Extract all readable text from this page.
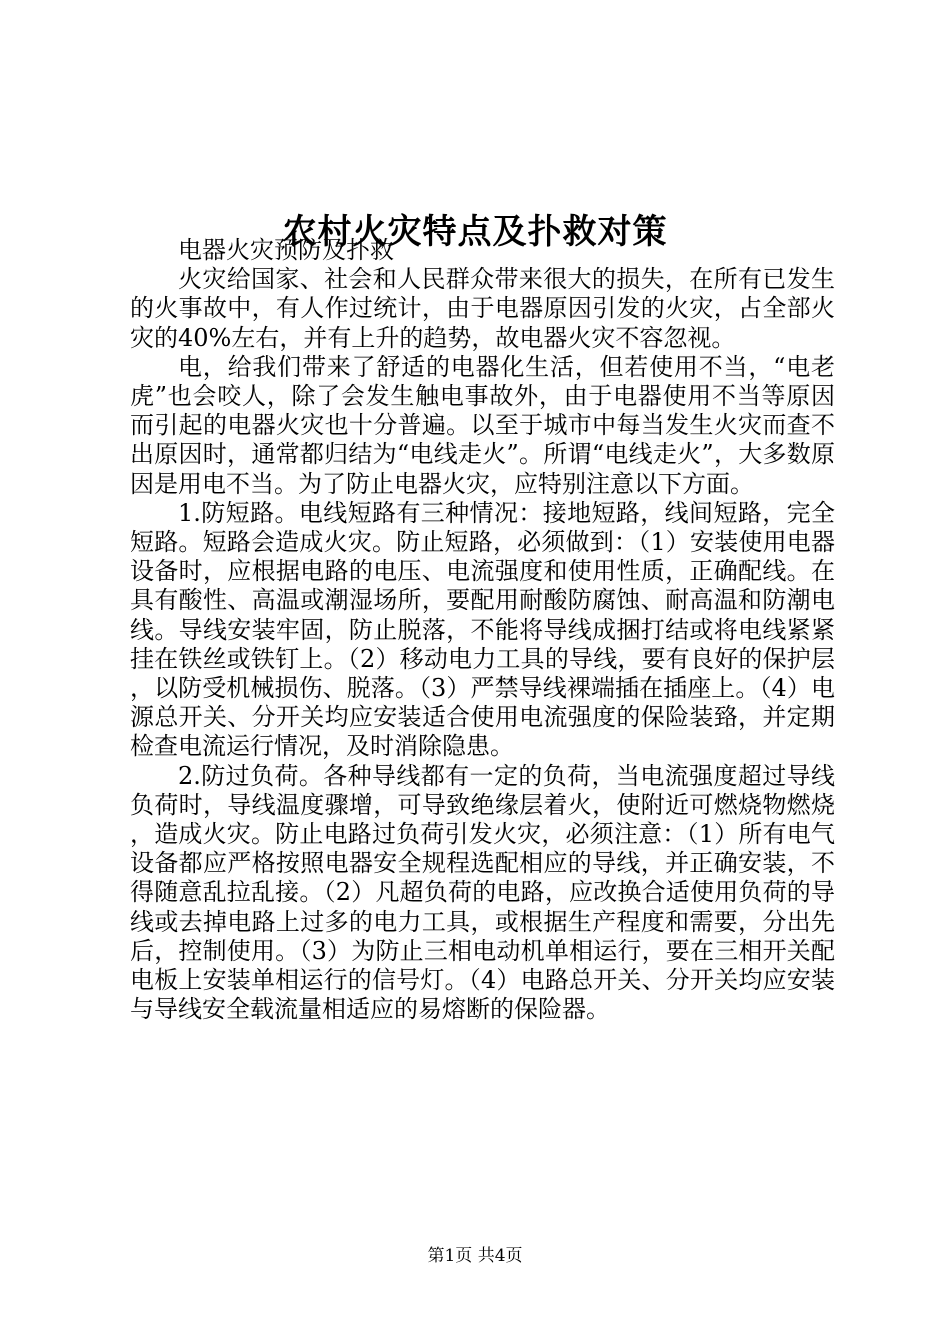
农村火灾特点及扑救对策

电器火灾预防及扑救

火灾给国家、社会和人民群众带来很大的损失，在所有已发生的火事故中，有人作过统计，由于电器原因引发的火灾，占全部火灾的40%左右，并有上升的趋势，故电器火灾不容忽视。

电，给我们带来了舒适的电器化生活，但若使用不当，“电老虎”也会咬人，除了会发生触电事故外，由于电器使用不当等原因而引起的电器火灾也十分普遍。以至于城市中每当发生火灾而查不出原因时，通常都归结为“电线走火”。所谓“电线走火”，大多数原因是用电不当。为了防止电器火灾，应特别注意以下方面。

1.防短路。电线短路有三种情况：接地短路，线间短路，完全短路。短路会造成火灾。防止短路，必须做到：（1）安装使用电器设备时，应根据电路的电压、电流强度和使用性质，正确配线。在具有酸性、高温或潮湿场所，要配用耐酸防腐蚀、耐高温和防潮电线。导线安装牢固，防止脱落，不能将导线成捆打结或将电线紧紧挂在铁丝或铁钉上。（2）移动电力工具的导线，要有良好的保护层，以防受机械损伤、脱落。（3）严禁导线裸端插在插座上。（4）电源总开关、分开关均应安装适合使用电流强度的保险装臵，并定期检查电流运行情况，及时消除隐患。

2.防过负荷。各种导线都有一定的负荷，当电流强度超过导线负荷时，导线温度骤增，可导致绝缘层着火，使附近可燃烧物燃烧，造成火灾。防止电路过负荷引发火灾，必须注意：（1）所有电气设备都应严格按照电器安全规程选配相应的导线，并正确安装，不得随意乱拉乱接。（2）凡超负荷的电路，应改换合适使用负荷的导线或去掉电路上过多的电力工具，或根据生产程度和需要，分出先后，控制使用。（3）为防止三相电动机单相运行，要在三相开关配电板上安装单相运行的信号灯。（4）电路总开关、分开关均应安装与导线安全载流量相适应的易熔断的保险器。

第1页 共4页
